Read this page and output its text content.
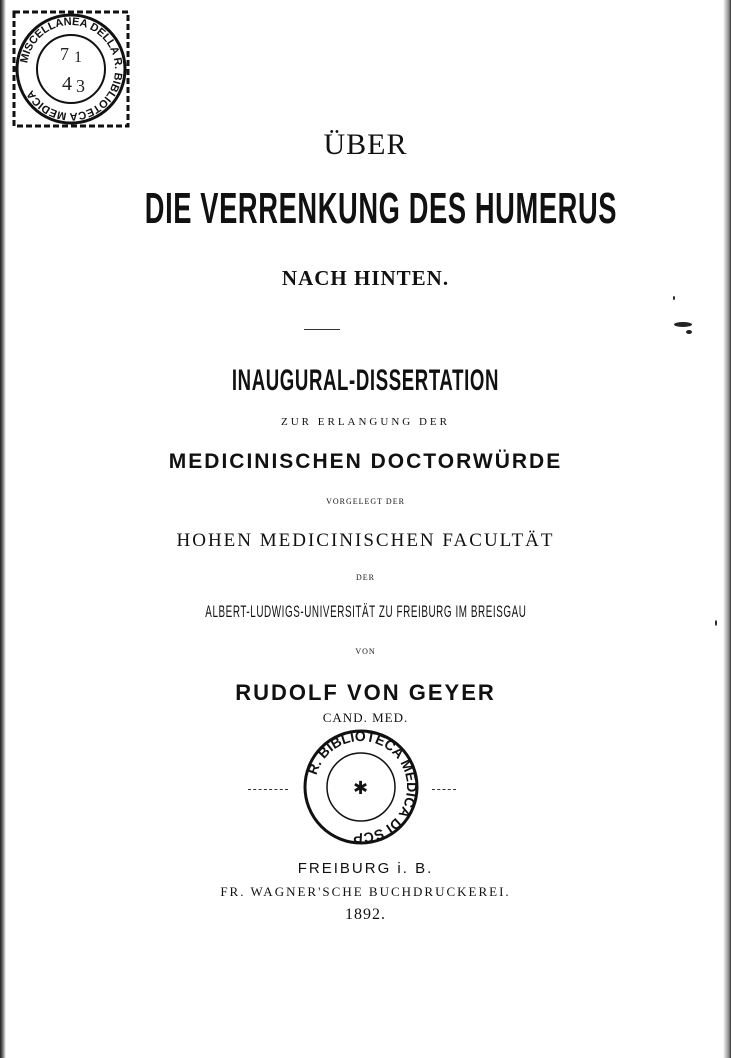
MISCELLANEA DELLA R. BIBLIOTECA MEDICA
7 1
4 3
ÜBER
DIE VERRENKUNG DES HUMERUS
NACH HINTEN.
INAUGURAL-DISSERTATION
ZUR ERLANGUNG DER
MEDICINISCHEN DOCTORWÜRDE
VORGELEGT DER
HOHEN MEDICINISCHEN FACULTÄT
DER
ALBERT-LUDWIGS-UNIVERSITÄT ZU FREIBURG IM BREISGAU
VON
RUDOLF VON GEYER
CAND. MED.
R. BIBLIOTECA MEDICA DI SCP
✱
FREIBURG i. B.
FR. WAGNER'SCHE BUCHDRUCKEREI.
1892.
